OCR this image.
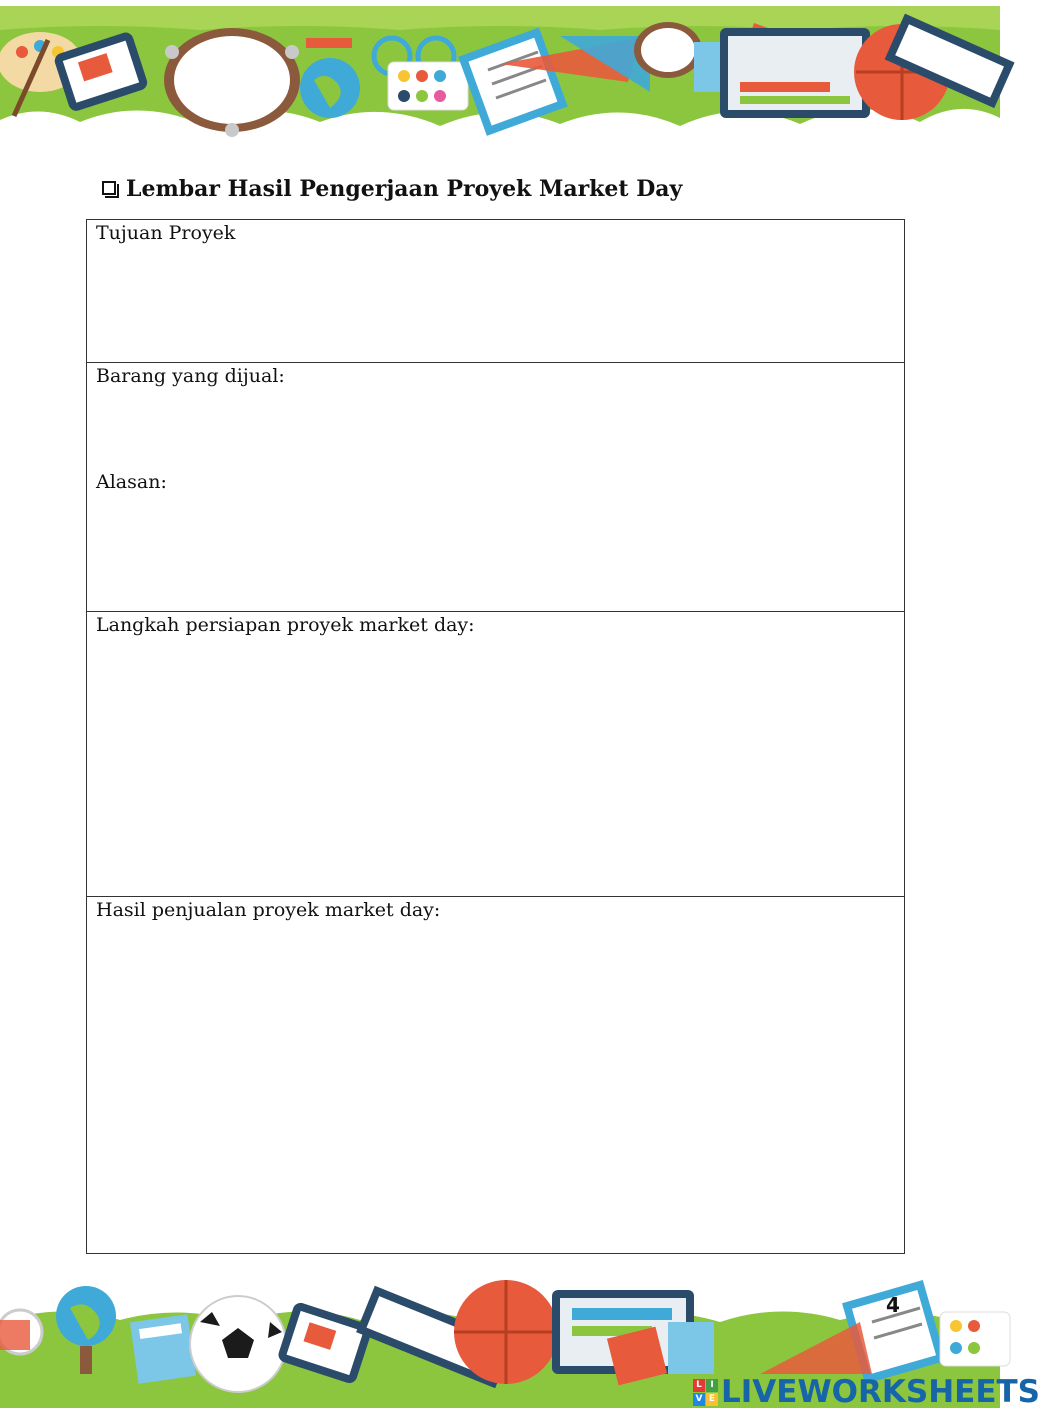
Lembar Hasil Pengerjaan Proyek Market Day
Tujuan Proyek
Barang yang dijual:
Alasan:
Langkah persiapan proyek market day:
Hasil penjualan proyek market day:
4
L I
V E LIVEWORKSHEETS
